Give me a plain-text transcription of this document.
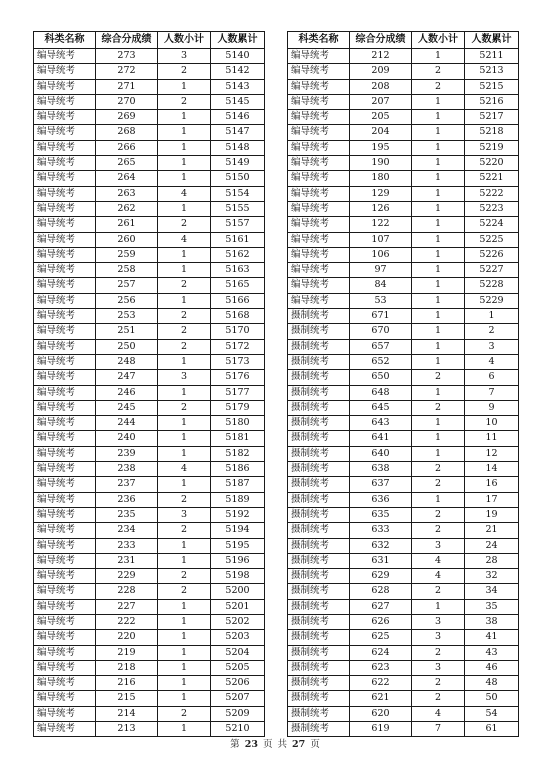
科类名称	综合分成绩	人数小计	人数累计
编导统考	273	3	5140
编导统考	272	2	5142
编导统考	271	1	5143
编导统考	270	2	5145
编导统考	269	1	5146
编导统考	268	1	5147
编导统考	266	1	5148
编导统考	265	1	5149
编导统考	264	1	5150
编导统考	263	4	5154
编导统考	262	1	5155
编导统考	261	2	5157
编导统考	260	4	5161
编导统考	259	1	5162
编导统考	258	1	5163
编导统考	257	2	5165
编导统考	256	1	5166
编导统考	253	2	5168
编导统考	251	2	5170
编导统考	250	2	5172
编导统考	248	1	5173
编导统考	247	3	5176
编导统考	246	1	5177
编导统考	245	2	5179
编导统考	244	1	5180
编导统考	240	1	5181
编导统考	239	1	5182
编导统考	238	4	5186
编导统考	237	1	5187
编导统考	236	2	5189
编导统考	235	3	5192
编导统考	234	2	5194
编导统考	233	1	5195
编导统考	231	1	5196
编导统考	229	2	5198
编导统考	228	2	5200
编导统考	227	1	5201
编导统考	222	1	5202
编导统考	220	1	5203
编导统考	219	1	5204
编导统考	218	1	5205
编导统考	216	1	5206
编导统考	215	1	5207
编导统考	214	2	5209
编导统考	213	1	5210
科类名称	综合分成绩	人数小计	人数累计
编导统考	212	1	5211
编导统考	209	2	5213
编导统考	208	2	5215
编导统考	207	1	5216
编导统考	205	1	5217
编导统考	204	1	5218
编导统考	195	1	5219
编导统考	190	1	5220
编导统考	180	1	5221
编导统考	129	1	5222
编导统考	126	1	5223
编导统考	122	1	5224
编导统考	107	1	5225
编导统考	106	1	5226
编导统考	97	1	5227
编导统考	84	1	5228
编导统考	53	1	5229
摄制统考	671	1	1
摄制统考	670	1	2
摄制统考	657	1	3
摄制统考	652	1	4
摄制统考	650	2	6
摄制统考	648	1	7
摄制统考	645	2	9
摄制统考	643	1	10
摄制统考	641	1	11
摄制统考	640	1	12
摄制统考	638	2	14
摄制统考	637	2	16
摄制统考	636	1	17
摄制统考	635	2	19
摄制统考	633	2	21
摄制统考	632	3	24
摄制统考	631	4	28
摄制统考	629	4	32
摄制统考	628	2	34
摄制统考	627	1	35
摄制统考	626	3	38
摄制统考	625	3	41
摄制统考	624	2	43
摄制统考	623	3	46
摄制统考	622	2	48
摄制统考	621	2	50
摄制统考	620	4	54
摄制统考	619	7	61
第 23 页 共 27 页
